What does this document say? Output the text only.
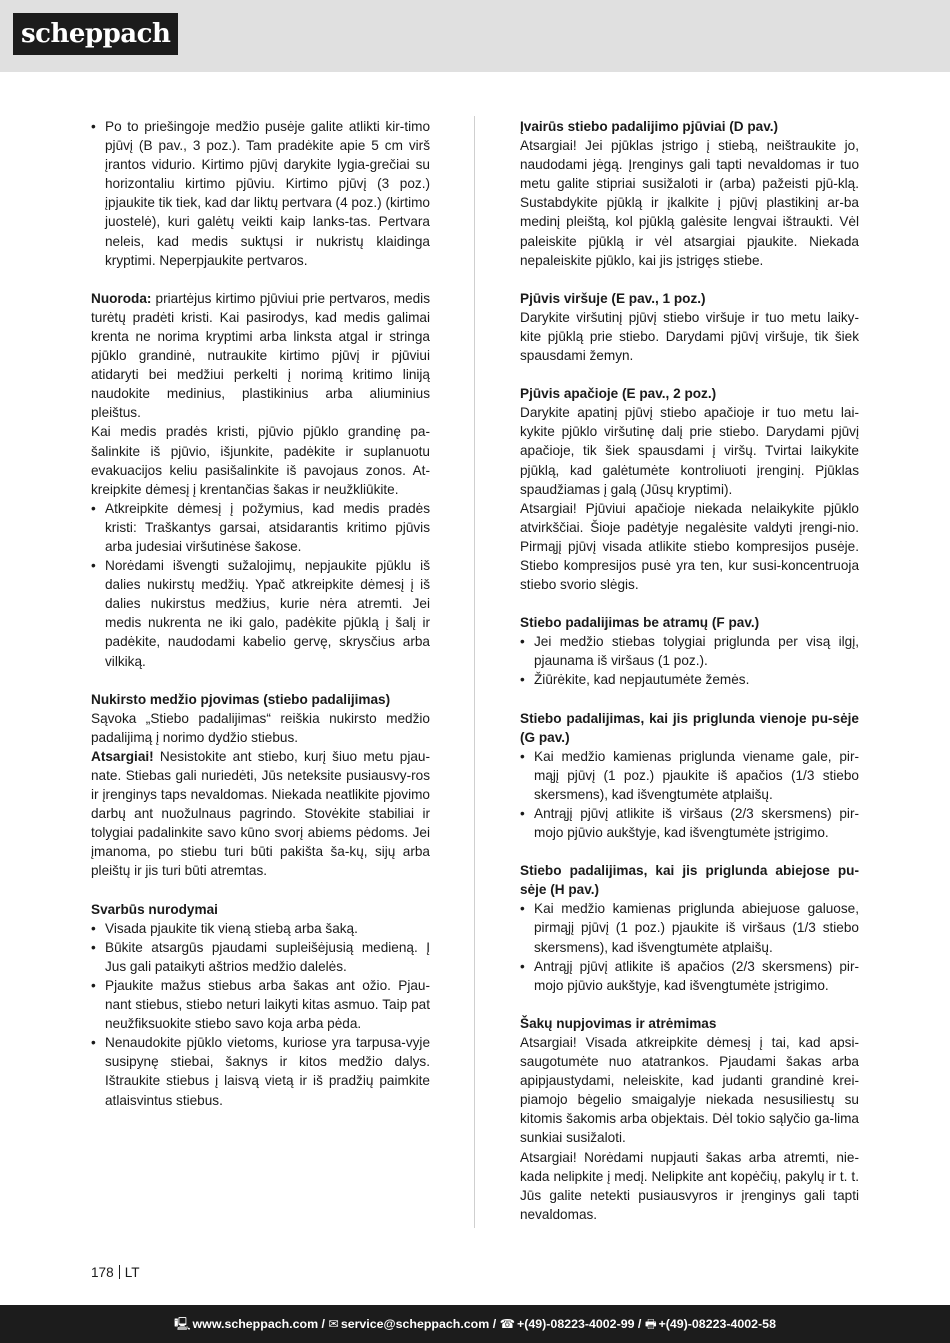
scheppach
• Po to priešingoje medžio pusėje galite atlikti kir-timo pjūvį (B pav., 3 poz.). Tam pradėkite apie 5 cm virš įrantos vidurio. Kirtimo pjūvį darykite lygia-grečiai su horizontaliu kirtimo pjūviu. Kirtimo pjūvį (3 poz.) įpjaukite tik tiek, kad dar liktų pertvara (4 poz.) (kirtimo juostelė), kuri galėtų veikti kaip lanks-tas. Pertvara neleis, kad medis suktųsi ir nukristų klaidinga kryptimi. Neperpjaukite pertvaros.

Nuoroda: priartėjus kirtimo pjūviui prie pertvaros, medis turėtų pradėti kristi. Kai pasirodys, kad medis galimai krenta ne norima kryptimi arba linksta atgal ir stringa pjūklo grandinė, nutraukite kirtimo pjūvį ir pjūviui atidaryti bei medžiui perkelti į norimą kritimo liniją naudokite medinius, plastikinius arba aliuminius pleištus.

Kai medis pradės kristi, pjūvio pjūklo grandinę pa-šalinkite iš pjūvio, išjunkite, padėkite ir suplanuotu evakuacijos keliu pasišalinkite iš pavojaus zonos. At-kreipkite dėmesį į krentančias šakas ir neužkliūkite.

• Atkreipkite dėmesį į požymius, kad medis pradės kristi: Traškantys garsai, atsidarantis kritimo pjūvis arba judesiai viršutinėse šakose.
• Norėdami išvengti sužalojimų, nepjaukite pjūklu iš dalies nukirstų medžių. Ypač atkreipkite dėmesį į iš dalies nukirstus medžius, kurie nėra atremti. Jei medis nukrenta ne iki galo, padėkite pjūklą į šalį ir padėkite, naudodami kabelio gervę, skrysčius arba vilkiką.

Nukirsto medžio pjovimas (stiebo padalijimas)

Sąvoka „Stiebo padalijimas“ reiškia nukirsto medžio padalijimą į norimo dydžio stiebus.

Atsargiai! Nesistokite ant stiebo, kurį šiuo metu pjau-nate. Stiebas gali nuriedėti, Jūs neteksite pusiausvy-ros ir įrenginys taps nevaldomas. Niekada neatlikite pjovimo darbų ant nuožulnaus pagrindo. Stovėkite stabiliai ir tolygiai padalinkite savo kūno svorį abiems pėdoms. Jei įmanoma, po stiebu turi būti pakišta ša-kų, sijų arba pleištų ir jis turi būti atremtas.

Svarbūs nurodymai

• Visada pjaukite tik vieną stiebą arba šaką.
• Būkite atsargūs pjaudami supleišėjusią medieną. Į Jus gali pataikyti aštrios medžio dalelės.
• Pjaukite mažus stiebus arba šakas ant ožio. Pjau-nant stiebus, stiebo neturi laikyti kitas asmuo. Taip pat neužfiksuokite stiebo savo koja arba pėda.
• Nenaudokite pjūklo vietoms, kuriose yra tarpusa-vyje susipynę stiebai, šaknys ir kitos medžio dalys. Ištraukite stiebus į laisvą vietą ir iš pradžių paimkite atlaisvintus stiebus.

Įvairūs stiebo padalijimo pjūviai (D pav.)

Atsargiai! Jei pjūklas įstrigo į stiebą, neištraukite jo, naudodami jėgą. Įrenginys gali tapti nevaldomas ir tuo metu galite stipriai susižaloti ir (arba) pažeisti pjū-klą. Sustabdykite pjūklą ir įkalkite į pjūvį plastikinį ar-ba medinį pleištą, kol pjūklą galėsite lengvai ištraukti. Vėl paleiskite pjūklą ir vėl atsargiai pjaukite. Niekada nepaleiskite pjūklo, kai jis įstrigęs stiebe.

Pjūvis viršuje (E pav., 1 poz.)

Darykite viršutinį pjūvį stiebo viršuje ir tuo metu laiky-kite pjūklą prie stiebo. Darydami pjūvį viršuje, tik šiek spausdami žemyn.

Pjūvis apačioje (E pav., 2 poz.)

Darykite apatinį pjūvį stiebo apačioje ir tuo metu lai-kykite pjūklo viršutinę dalį prie stiebo. Darydami pjūvį apačioje, tik šiek spausdami į viršų. Tvirtai laikykite pjūklą, kad galėtumėte kontroliuoti įrenginį. Pjūklas spaudžiamas į galą (Jūsų kryptimi).

Atsargiai! Pjūviui apačioje niekada nelaikykite pjūklo atvirkščiai. Šioje padėtyje negalėsite valdyti įrengi-nio. Pirmąjį pjūvį visada atlikite stiebo kompresijos pusėje. Stiebo kompresijos pusė yra ten, kur susi-koncentruoja stiebo svorio slėgis.

Stiebo padalijimas be atramų (F pav.)

• Jei medžio stiebas tolygiai priglunda per visą ilgį, pjaunama iš viršaus (1 poz.).
• Žiūrėkite, kad nepjautumėte žemės.

Stiebo padalijimas, kai jis priglunda vienoje pu-sėje (G pav.)

• Kai medžio kamienas priglunda viename gale, pir-mąjį pjūvį (1 poz.) pjaukite iš apačios (1/3 stiebo skersmens), kad išvengtumėte atplaišų.
• Antrąjį pjūvį atlikite iš viršaus (2/3 skersmens) pir-mojo pjūvio aukštyje, kad išvengtumėte įstrigimo.

Stiebo padalijimas, kai jis priglunda abiejose pu-sėje (H pav.)

• Kai medžio kamienas priglunda abiejuose galuose, pirmąjį pjūvį (1 poz.) pjaukite iš viršaus (1/3 stiebo skersmens), kad išvengtumėte atplaišų.
• Antrąjį pjūvį atlikite iš apačios (2/3 skersmens) pir-mojo pjūvio aukštyje, kad išvengtumėte įstrigimo.

Šakų nupjovimas ir atrėmimas

Atsargiai! Visada atkreipkite dėmesį į tai, kad apsi-saugotumėte nuo atatrankos. Pjaudami šakas arba apipjaustydami, neleiskite, kad judanti grandinė krei-piamojo bėgelio smaigalyje niekada nesusiliestų su kitomis šakomis arba objektais. Dėl tokio sąlyčio ga-lima sunkiai susižaloti.

Atsargiai! Norėdami nupjauti šakas arba atremti, nie-kada nelipkite į medį. Nelipkite ant kopėčių, pakylų ir t. t. Jūs galite netekti pusiausvyros ir įrenginys gali tapti nevaldomas.

178 LT
🖳 www.scheppach.com / ✉ service@scheppach.com / ☎ +(49)-08223-4002-99 / 🖶 +(49)-08223-4002-58
